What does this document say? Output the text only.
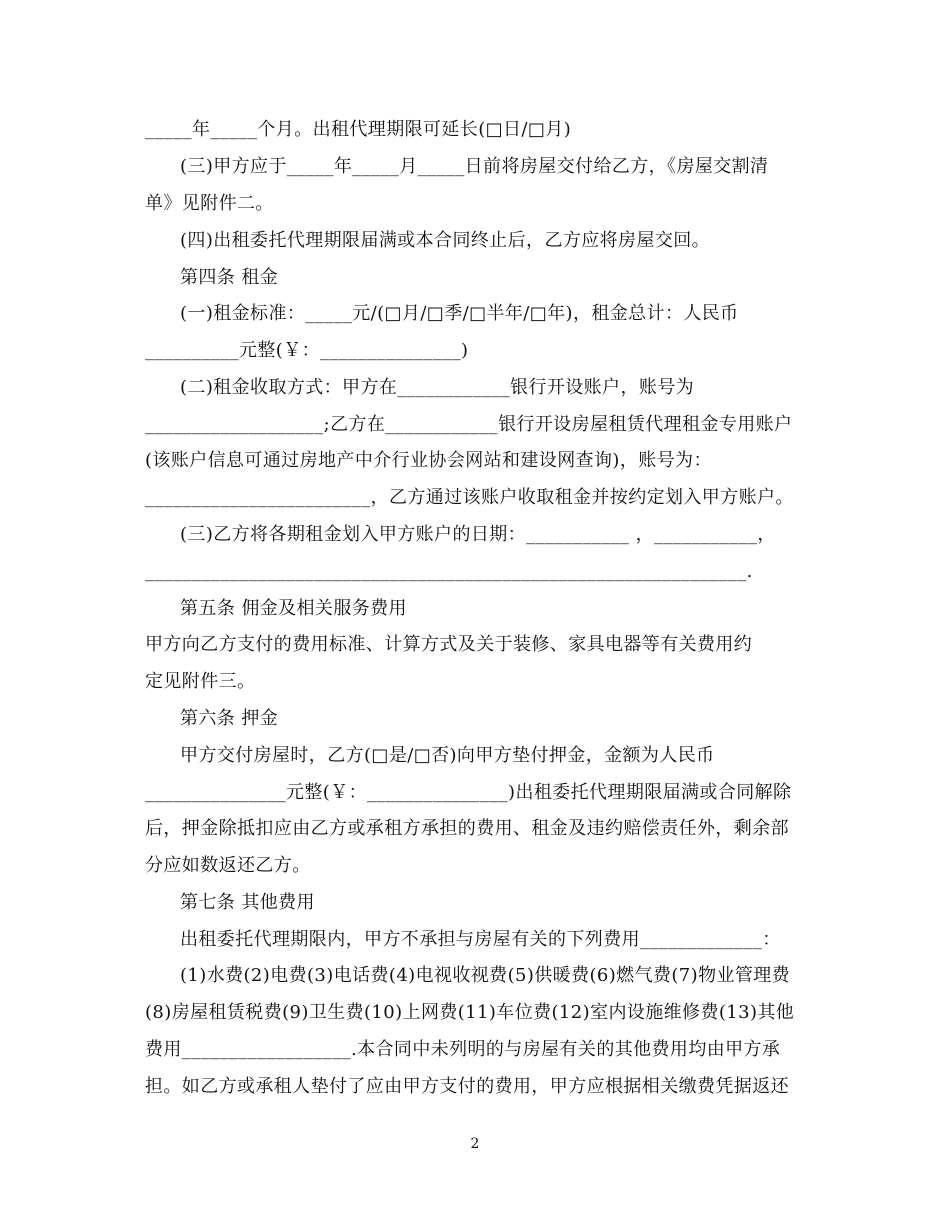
_____年_____个月。出租代理期限可延长(□日/□月)
(三)甲方应于_____年_____月_____日前将房屋交付给乙方，《房屋交割清
单》见附件二。
(四)出租委托代理期限届满或本合同终止后，乙方应将房屋交回。
第四条 租金
(一)租金标准：_____元/(□月/□季/□半年/□年)，租金总计：人民币
__________元整(￥：_______________)
(二)租金收取方式：甲方在____________银行开设账户，账号为
___________________;乙方在____________银行开设房屋租赁代理租金专用账户
(该账户信息可通过房地产中介行业协会网站和建设网查询)，账号为：
________________________，乙方通过该账户收取租金并按约定划入甲方账户。
(三)乙方将各期租金划入甲方账户的日期：___________ ，___________，
________________________________________________________________.
第五条 佣金及相关服务费用
甲方向乙方支付的费用标准、计算方式及关于装修、家具电器等有关费用约
定见附件三。
第六条 押金
甲方交付房屋时，乙方(□是/□否)向甲方垫付押金，金额为人民币
_______________元整(￥：_______________)出租委托代理期限届满或合同解除
后，押金除抵扣应由乙方或承租方承担的费用、租金及违约赔偿责任外，剩余部
分应如数返还乙方。
第七条 其他费用
出租委托代理期限内，甲方不承担与房屋有关的下列费用_____________：
(1)水费(2)电费(3)电话费(4)电视收视费(5)供暖费(6)燃气费(7)物业管理费
(8)房屋租赁税费(9)卫生费(10)上网费(11)车位费(12)室内设施维修费(13)其他
费用__________________.本合同中未列明的与房屋有关的其他费用均由甲方承
担。如乙方或承租人垫付了应由甲方支付的费用，甲方应根据相关缴费凭据返还
2
